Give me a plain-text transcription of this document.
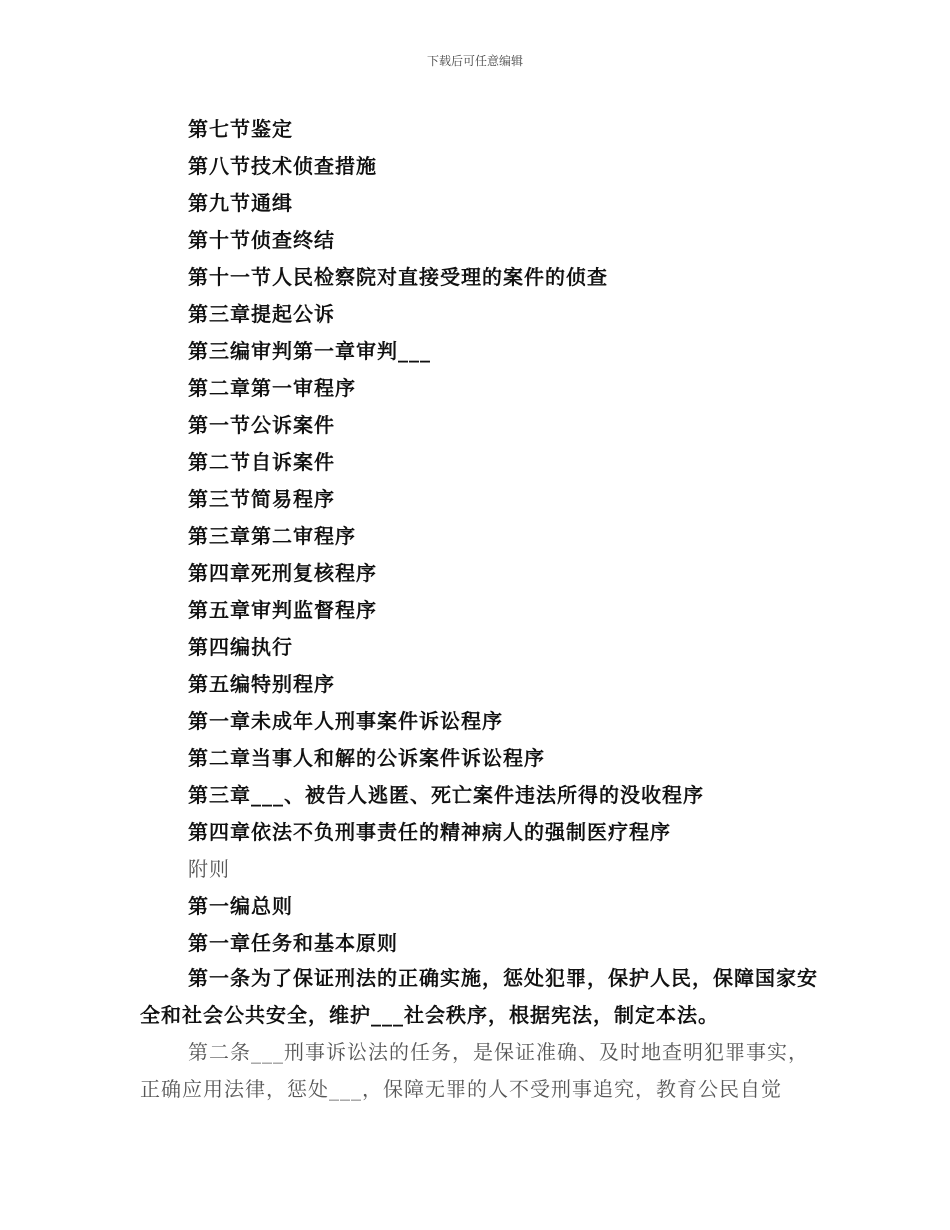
下载后可任意编辑
第七节鉴定
第八节技术侦查措施
第九节通缉
第十节侦查终结
第十一节人民检察院对直接受理的案件的侦查
第三章提起公诉
第三编审判第一章审判___
第二章第一审程序
第一节公诉案件
第二节自诉案件
第三节简易程序
第三章第二审程序
第四章死刑复核程序
第五章审判监督程序
第四编执行
第五编特别程序
第一章未成年人刑事案件诉讼程序
第二章当事人和解的公诉案件诉讼程序
第三章___、被告人逃匿、死亡案件违法所得的没收程序
第四章依法不负刑事责任的精神病人的强制医疗程序
附则
第一编总则
第一章任务和基本原则

第一条为了保证刑法的正确实施，惩处犯罪，保护人民，保障国家安全和社会公共安全，维护___社会秩序，根据宪法，制定本法。

第二条___刑事诉讼法的任务，是保证准确、及时地查明犯罪事实，正确应用法律，惩处___，保障无罪的人不受刑事追究，教育公民自觉
